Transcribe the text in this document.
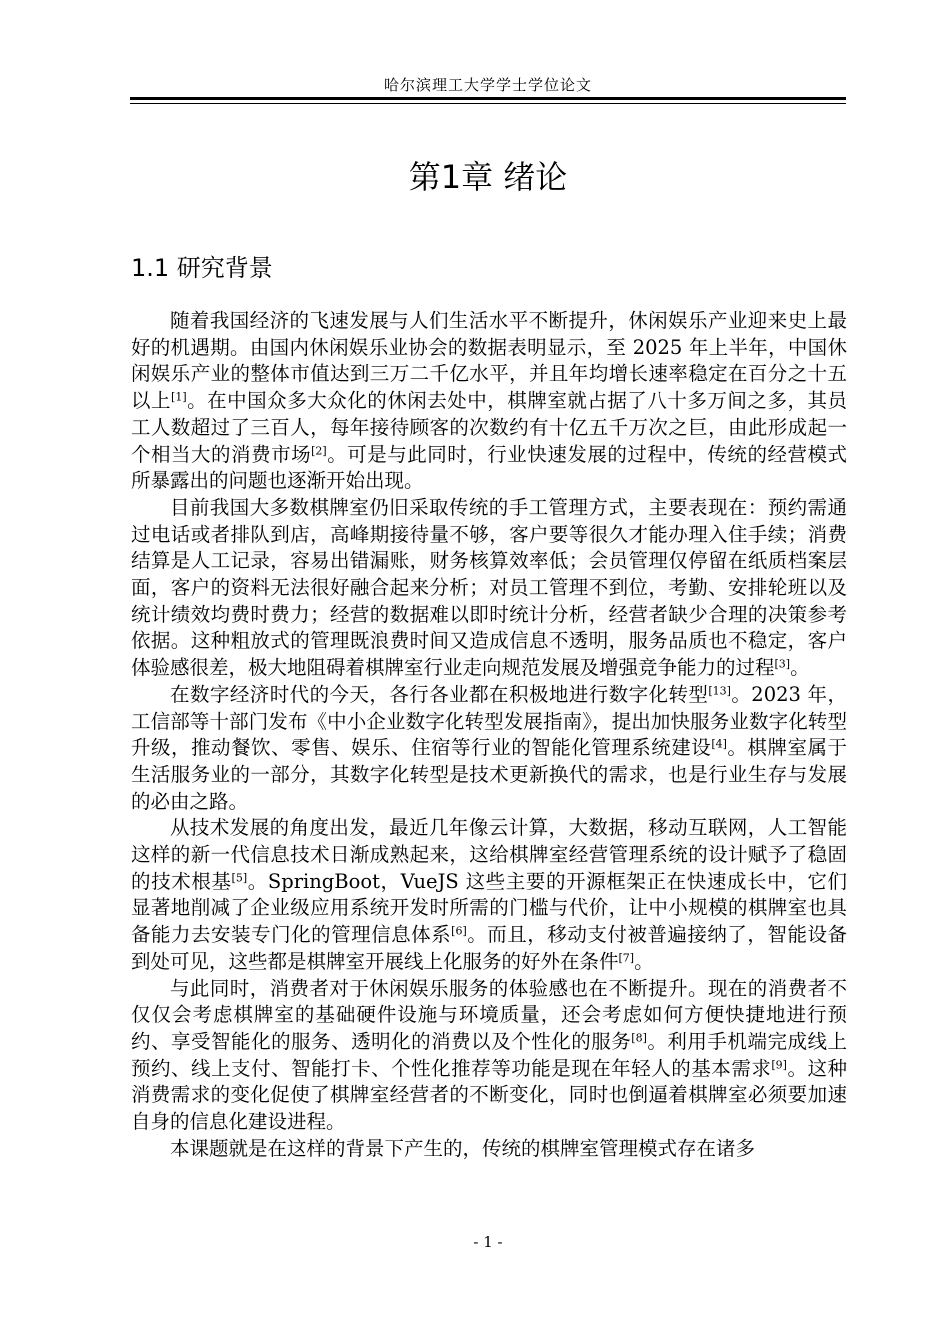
哈尔滨理工大学学士学位论文
第1章 绪论
1.1 研究背景

随着我国经济的飞速发展与人们生活水平不断提升，休闲娱乐产业迎来史上最好的机遇期。由国内休闲娱乐业协会的数据表明显示，至 2025 年上半年，中国休闲娱乐产业的整体市值达到三万二千亿水平，并且年均增长速率稳定在百分之十五以上[1]。在中国众多大众化的休闲去处中，棋牌室就占据了八十多万间之多，其员工人数超过了三百人，每年接待顾客的次数约有十亿五千万次之巨，由此形成起一个相当大的消费市场[2]。可是与此同时，行业快速发展的过程中，传统的经营模式所暴露出的问题也逐渐开始出现。

目前我国大多数棋牌室仍旧采取传统的手工管理方式，主要表现在：预约需通过电话或者排队到店，高峰期接待量不够，客户要等很久才能办理入住手续；消费结算是人工记录，容易出错漏账，财务核算效率低；会员管理仅停留在纸质档案层面，客户的资料无法很好融合起来分析；对员工管理不到位，考勤、安排轮班以及统计绩效均费时费力；经营的数据难以即时统计分析，经营者缺少合理的决策参考依据。这种粗放式的管理既浪费时间又造成信息不透明，服务品质也不稳定，客户体验感很差，极大地阻碍着棋牌室行业走向规范发展及增强竞争能力的过程[3]。

在数字经济时代的今天，各行各业都在积极地进行数字化转型[13]。2023 年，工信部等十部门发布《中小企业数字化转型发展指南》，提出加快服务业数字化转型升级，推动餐饮、零售、娱乐、住宿等行业的智能化管理系统建设[4]。棋牌室属于生活服务业的一部分，其数字化转型是技术更新换代的需求，也是行业生存与发展的必由之路。

从技术发展的角度出发，最近几年像云计算，大数据，移动互联网，人工智能这样的新一代信息技术日渐成熟起来，这给棋牌室经营管理系统的设计赋予了稳固的技术根基[5]。SpringBoot，VueJS 这些主要的开源框架正在快速成长中，它们显著地削减了企业级应用系统开发时所需的门槛与代价，让中小规模的棋牌室也具备能力去安装专门化的管理信息体系[6]。而且，移动支付被普遍接纳了，智能设备到处可见，这些都是棋牌室开展线上化服务的好外在条件[7]。

与此同时，消费者对于休闲娱乐服务的体验感也在不断提升。现在的消费者不仅仅会考虑棋牌室的基础硬件设施与环境质量，还会考虑如何方便快捷地进行预约、享受智能化的服务、透明化的消费以及个性化的服务[8]。利用手机端完成线上预约、线上支付、智能打卡、个性化推荐等功能是现在年轻人的基本需求[9]。这种消费需求的变化促使了棋牌室经营者的不断变化，同时也倒逼着棋牌室必须要加速自身的信息化建设进程。

本课题就是在这样的背景下产生的，传统的棋牌室管理模式存在诸多

- 1 -
